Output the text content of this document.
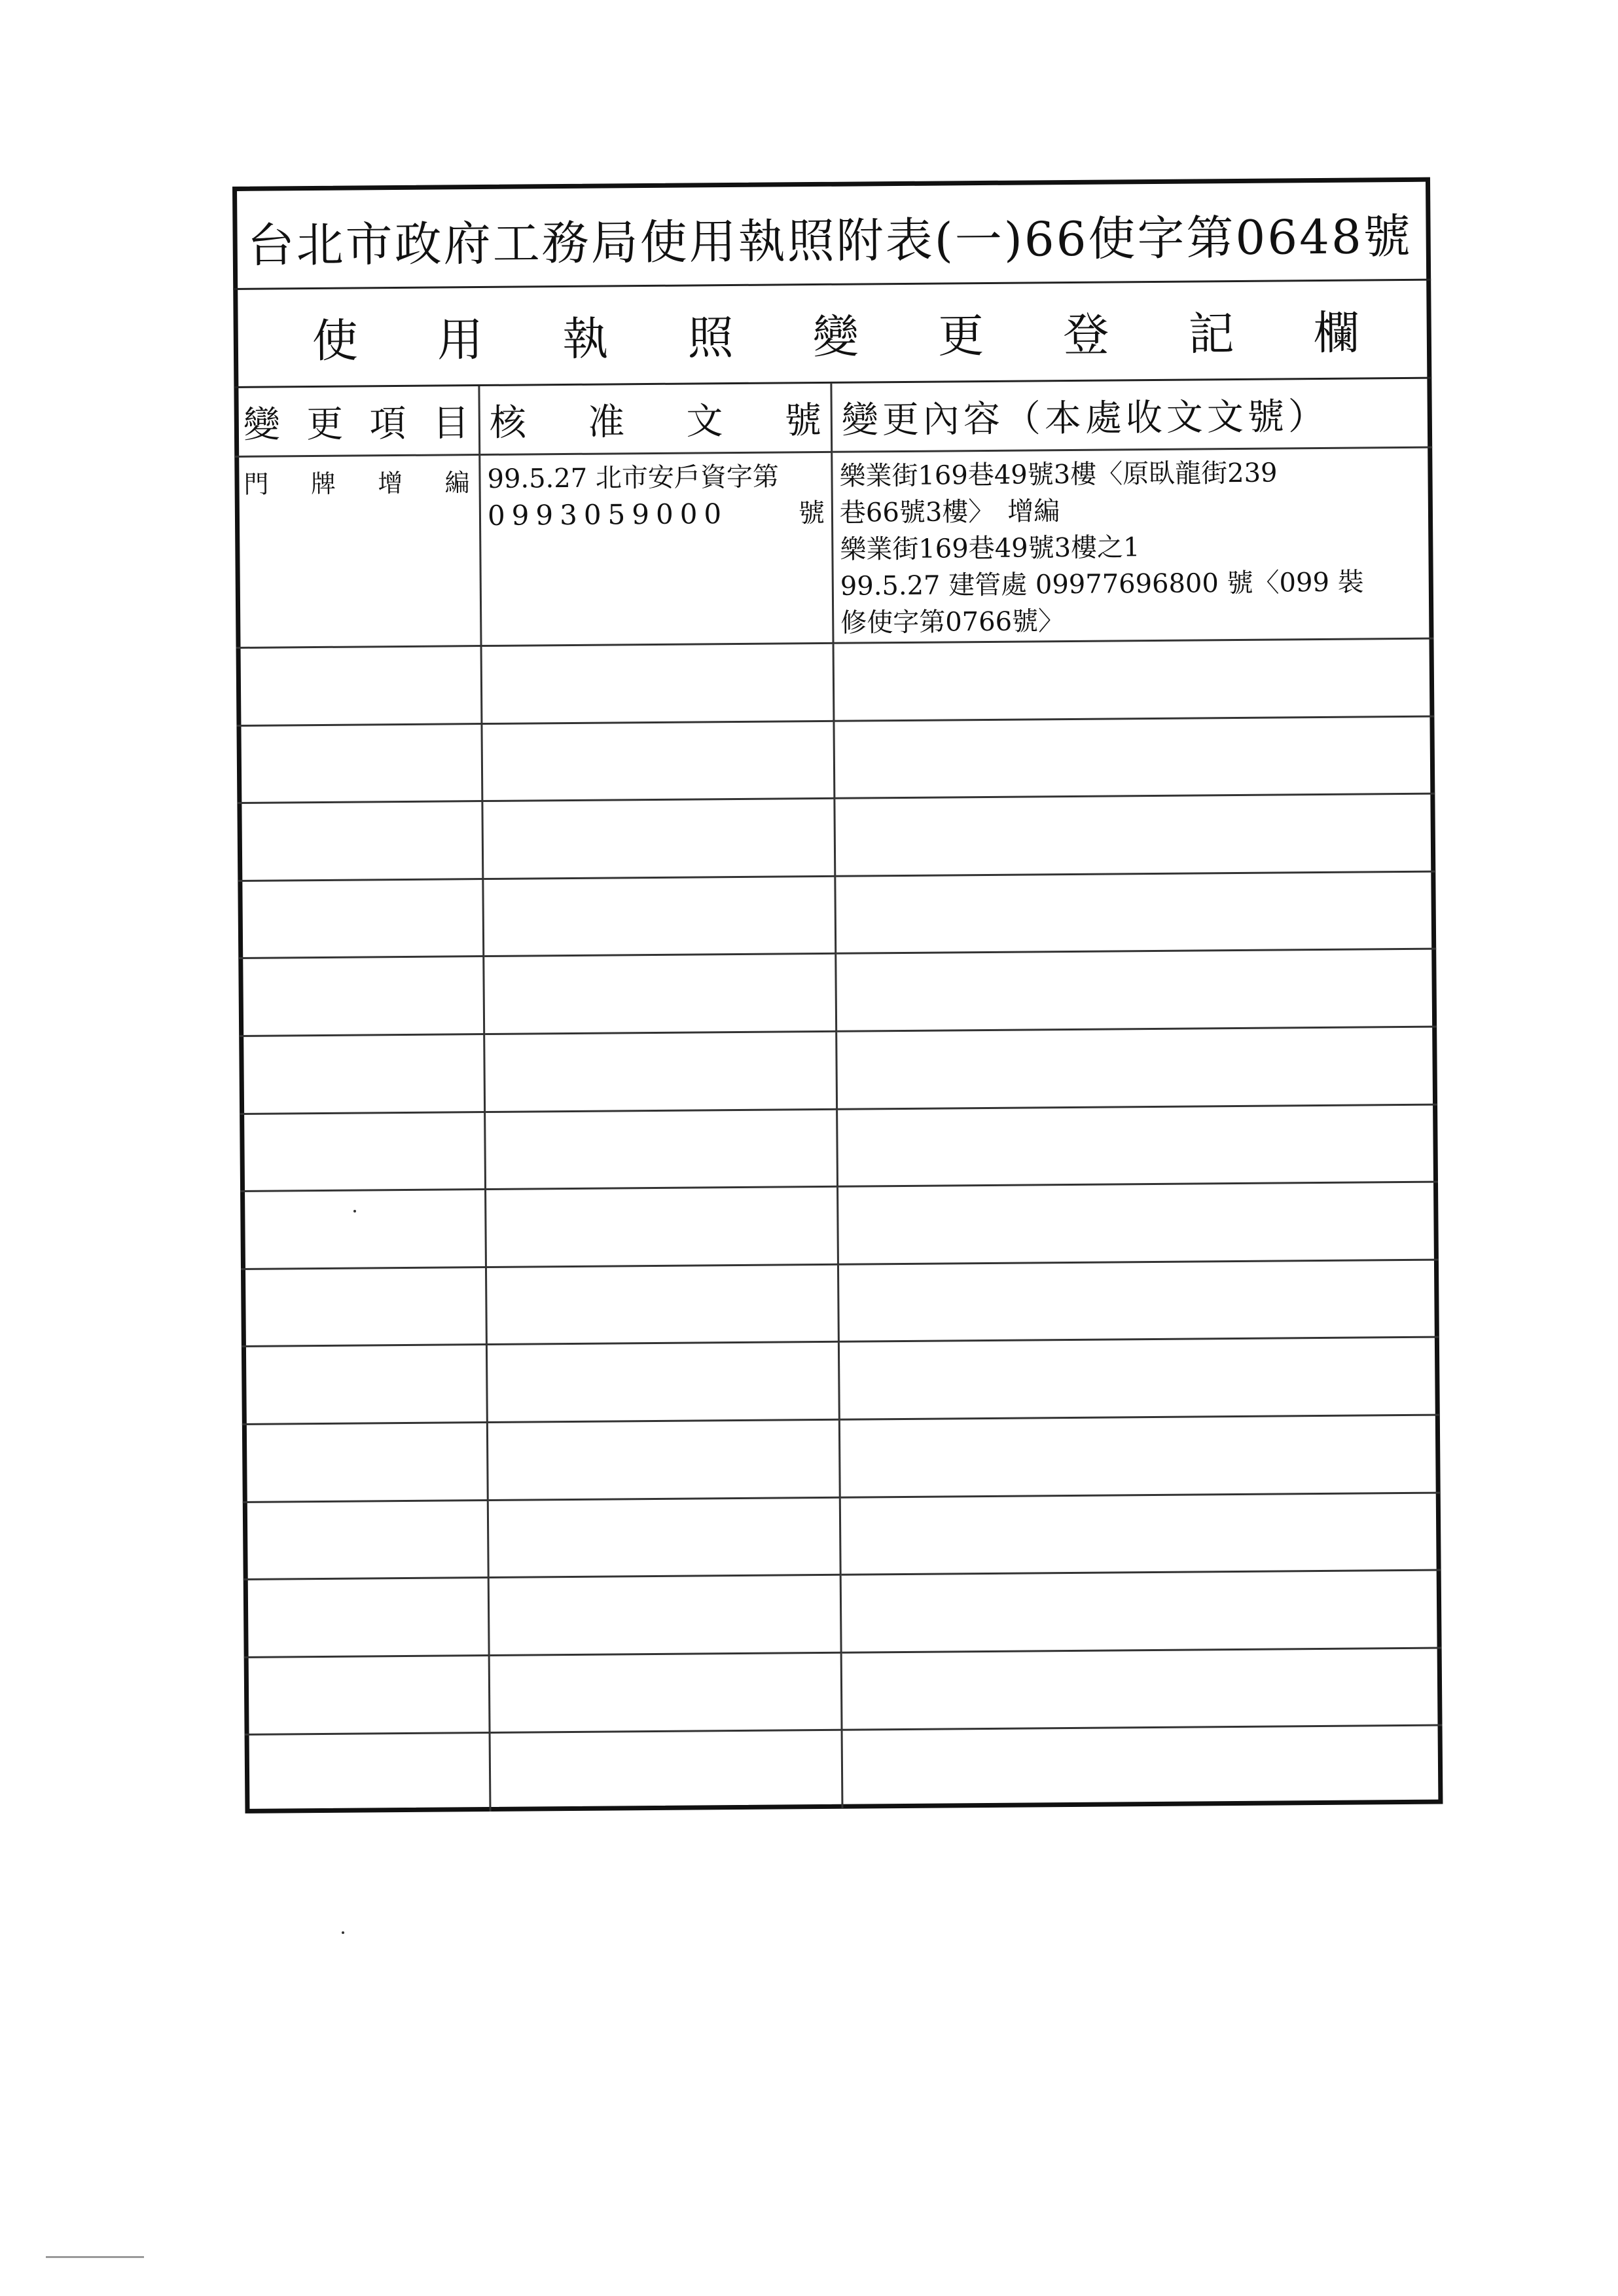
台北市政府工務局使用執照附表(一)66使字第0648號
使 用 執 照 變 更 登 記 欄
變 更 項 目 核 准 文 號 變更內容（本處收文文號）
門 牌 增 編 99.5.27 北市安戶資字第
0993059000	號
樂業街169巷49號3樓〈原臥龍街239
巷66號3樓〉　增編
樂業街169巷49號3樓之1
99.5.27 建管處 09977696800 號〈099 裝
修使字第0766號〉
